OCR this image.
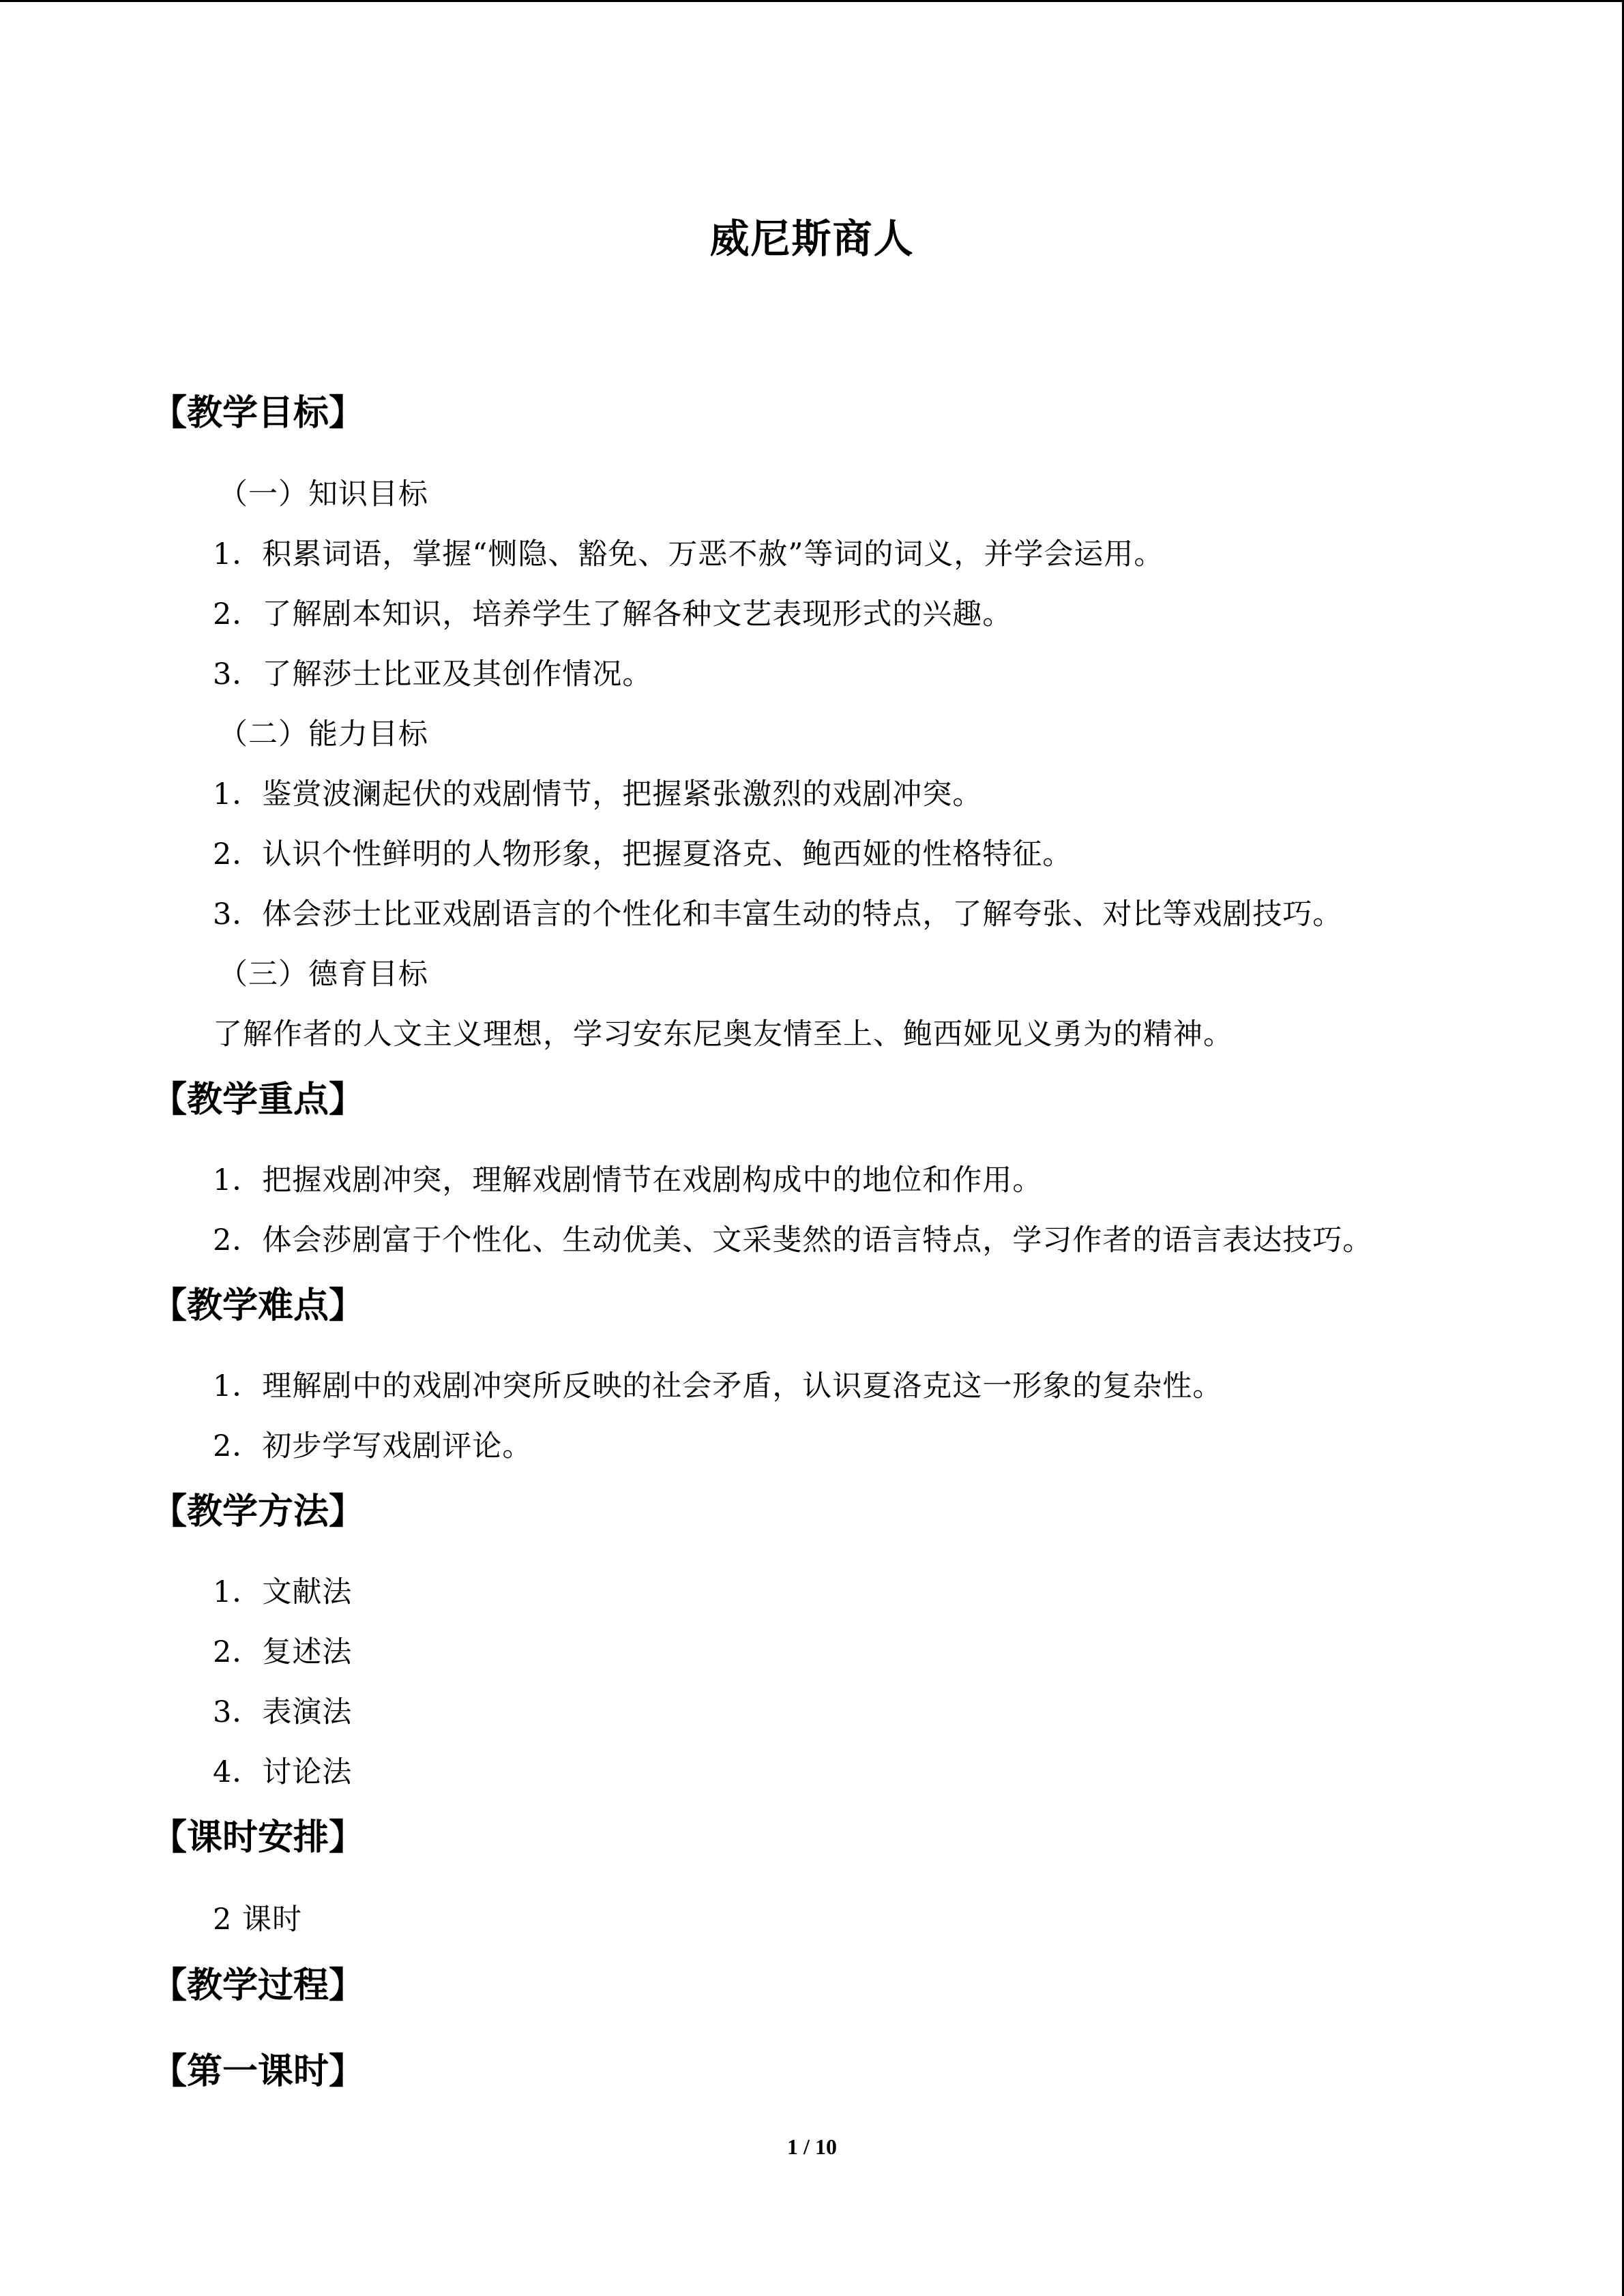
威尼斯商人
【教学目标】
（一）知识目标
1．积累词语，掌握“恻隐、豁免、万恶不赦”等词的词义，并学会运用。
2．了解剧本知识，培养学生了解各种文艺表现形式的兴趣。
3．了解莎士比亚及其创作情况。
（二）能力目标
1．鉴赏波澜起伏的戏剧情节，把握紧张激烈的戏剧冲突。
2．认识个性鲜明的人物形象，把握夏洛克、鲍西娅的性格特征。
3．体会莎士比亚戏剧语言的个性化和丰富生动的特点，了解夸张、对比等戏剧技巧。
（三）德育目标
了解作者的人文主义理想，学习安东尼奥友情至上、鲍西娅见义勇为的精神。
【教学重点】
1．把握戏剧冲突，理解戏剧情节在戏剧构成中的地位和作用。
2．体会莎剧富于个性化、生动优美、文采斐然的语言特点，学习作者的语言表达技巧。
【教学难点】
1．理解剧中的戏剧冲突所反映的社会矛盾，认识夏洛克这一形象的复杂性。
2．初步学写戏剧评论。
【教学方法】
1．文献法
2．复述法
3．表演法
4．讨论法
【课时安排】
2 课时
【教学过程】
【第一课时】
1 / 10
